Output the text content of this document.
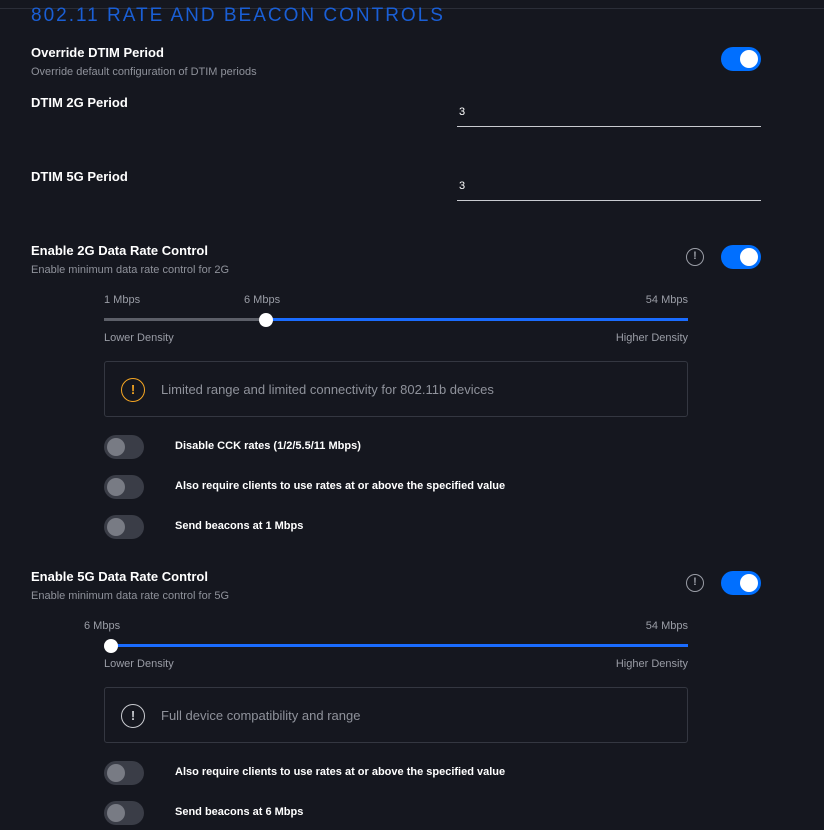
802.11 RATE AND BEACON CONTROLS
Override DTIM Period
Override default configuration of DTIM periods
DTIM 2G Period
3
DTIM 5G Period
3
Enable 2G Data Rate Control
Enable minimum data rate control for 2G
!
1 Mbps	6 Mbps	54 Mbps
Lower Density	Higher Density
!	Limited range and limited connectivity for 802.11b devices
Disable CCK rates (1/2/5.5/11 Mbps)
Also require clients to use rates at or above the specified value
Send beacons at 1 Mbps
Enable 5G Data Rate Control
Enable minimum data rate control for 5G
!
6 Mbps	54 Mbps
Lower Density	Higher Density
!	Full device compatibility and range
Also require clients to use rates at or above the specified value
Send beacons at 6 Mbps
